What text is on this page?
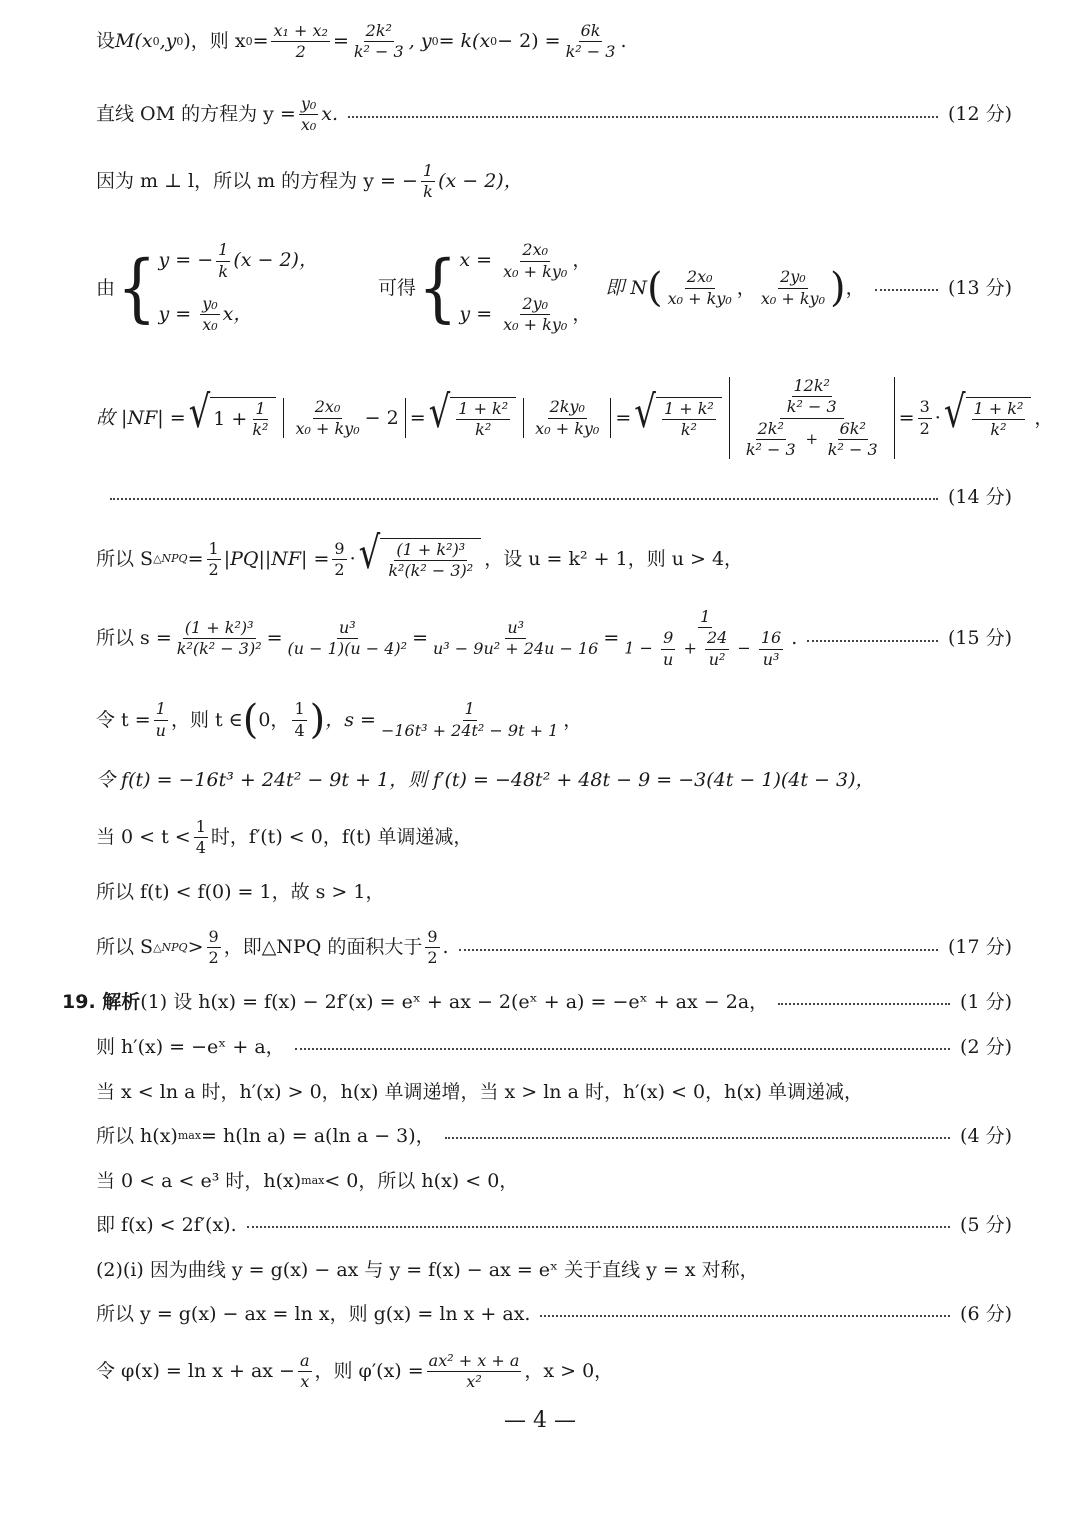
设 M(x 0 ,y 0 )，则 x $0 = \frac{\text{x₁ + x₂}}{2} = \frac{\text{2k²}}{\text{k² − 3}}$ , y 0 = k(x $0 - 2) = \frac{6k}{\text{k² − 3}}$ .
直线 OM 的方程为 $y = \frac{\text{y₀}}{\text{x₀}} x$.	(12 分)
因为 m ⊥ l，所以 m 的方程为 y = − $\frac{1}{k} (x - 2)$，
由 { y = − $\frac{1}{k} (x - 2)$，
$y = \frac{\text{y₀}}{\text{x₀}}$ x，
可得 { $x = \frac{\text{2x₀}}{\text{x₀ + ky₀}}$ ，
$y = \frac{\text{2y₀}}{\text{x₀ + ky₀}}$ ，
即 N ( $\frac{\text{2x₀}}{\text{x₀ + ky₀}}$ ， $\frac{\text{2y₀}}{\text{x₀ + ky₀}}$ ) ，	(13 分)
故 |NF| = √ $1 + \frac{1}{\text{k²}} \frac{\text{2x₀}}{\text{x₀ + ky₀}} - 2$ = √ $\frac{\text{1 + k²}}{\text{k²}} \frac{\text{2ky₀}}{\text{x₀ + ky₀}}$ = √ $\frac{\text{1 + k²}}{\text{k²}} \frac{\frac{\text{12k²}}{\text{k² − 3}}}{\frac{\text{2k²}}{\text{k² − 3}} + \frac{\text{6k²}}{\text{k² − 3}}} = \frac{3}{2}$ · √ $\frac{\text{1 + k²}}{\text{k²}}$ ，
(14 分)
所以 S △NPQ = $\frac{1}{2} |PQ||NF| = \frac{9}{2}$ · √ $\frac{\text{(1 + k²)³}}{\text{k²(k² − 3)²}}$ ，设 u = k² + 1，则 u > 4，
所以 $s = \frac{\text{(1 + k²)³}}{\text{k²(k² − 3)²}} = \frac{\text{u³}}{\text{(u − 1)(u − 4)²}} = \frac{\text{u³}}{\text{u³ − 9u² + 24u − 16}} = \frac{1}{1 - \frac{9}{u} + \frac{24}{\text{u²}} - \frac{16}{\text{u³}}}$ .	(15 分)
令 $t = \frac{1}{u}$ ，则 t ∈ ( 0， $\frac{1}{4}$ ) ，$s = \frac{1}{\text{−16t³ + 24t² − 9t + 1}}$ ，
令 f(t) = −16t³ + 24t² − 9t + 1，则 f′(t) = −48t² + 48t − 9 = −3(4t − 1)(4t − 3)，
当 $0 < t < \frac{1}{4}$ 时，f′(t) < 0，f(t) 单调递减，
所以 f(t) < f(0) = 1，故 s > 1，
所以 S △NPQ > $\frac{9}{2}$ ，即△NPQ 的面积大于 $\frac{9}{2}$ .	(17 分)
19. 解析 (1) 设 h(x) = f(x) − 2f′(x) = eˣ + ax − 2(eˣ + a) = −eˣ + ax − 2a，	(1 分)
则 h′(x) = −eˣ + a，	(2 分)
当 x < ln a 时，h′(x) > 0，h(x) 单调递增，当 x > ln a 时，h′(x) < 0，h(x) 单调递减，
所以 h(x) max = h(ln a) = a(ln a − 3)，	(4 分)
当 0 < a < e³ 时，h(x) max < 0，所以 h(x) < 0，
即 f(x) < 2f′(x).	(5 分)
(2)(ⅰ) 因为曲线 y = g(x) − ax 与 y = f(x) − ax = eˣ 关于直线 y = x 对称，
所以 y = g(x) − ax = ln x，则 g(x) = ln x + ax.	(6 分)
令 φ(x) = ln x + ax − $\frac{a}{x}$ ，则 $\varphi'(x) = \frac{\text{ax² + x + a}}{\text{x²}}$ ，x > 0，
— 4 —
